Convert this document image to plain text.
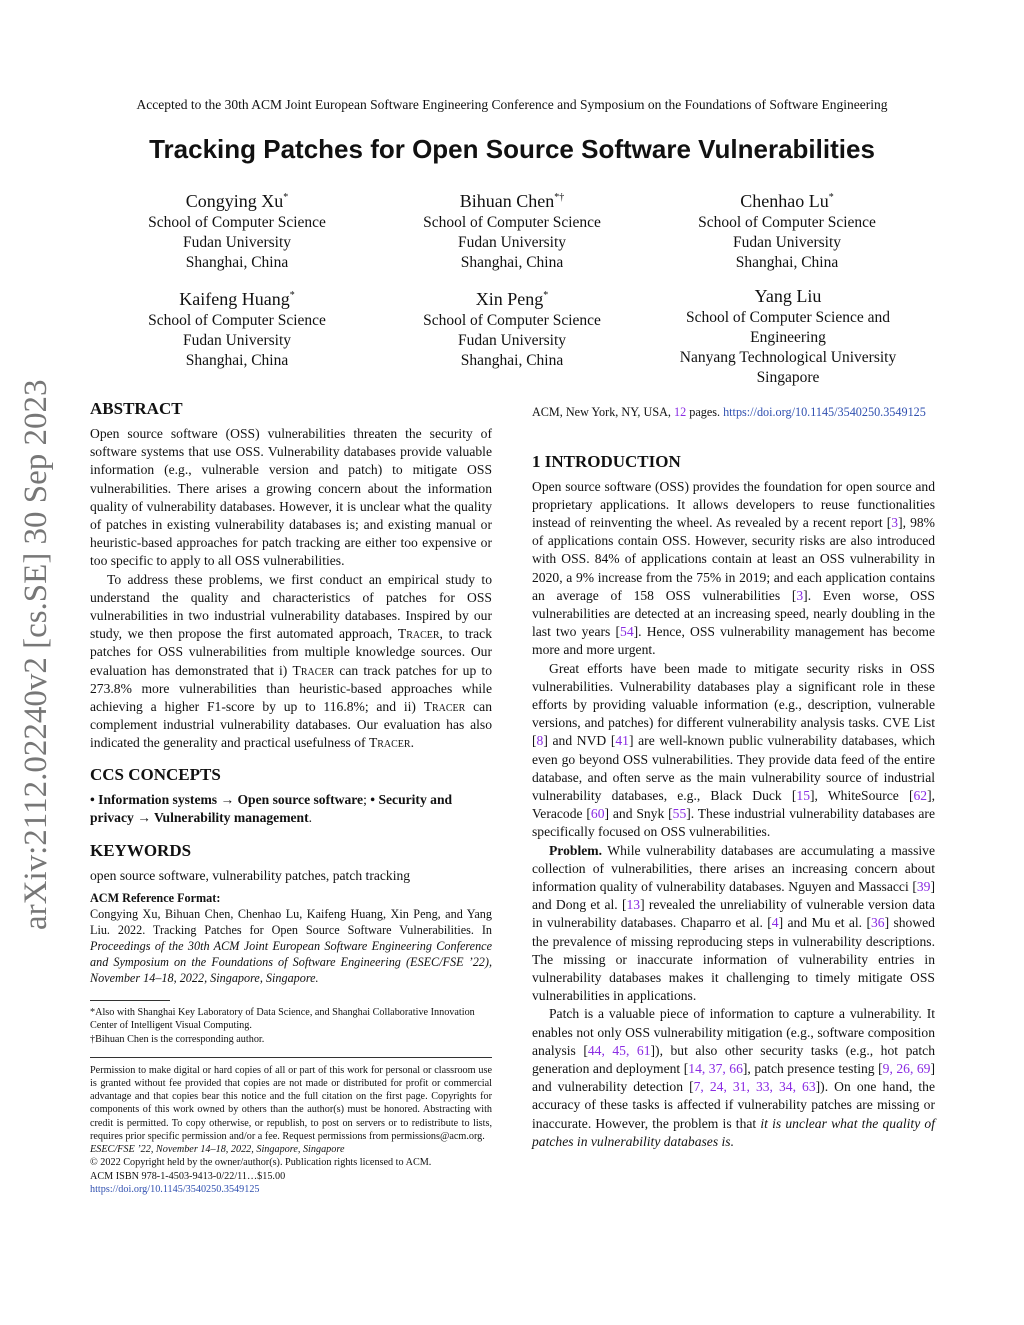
arXiv:2112.02240v2 [cs.SE] 30 Sep 2023
Accepted to the 30th ACM Joint European Software Engineering Conference and Symposium on the Foundations of Software Engineering
Tracking Patches for Open Source Software Vulnerabilities
Congying Xu*
School of Computer Science
Fudan University
Shanghai, China
Bihuan Chen*†
School of Computer Science
Fudan University
Shanghai, China
Chenhao Lu*
School of Computer Science
Fudan University
Shanghai, China
Kaifeng Huang*
School of Computer Science
Fudan University
Shanghai, China
Xin Peng*
School of Computer Science
Fudan University
Shanghai, China
Yang Liu
School of Computer Science and Engineering
Nanyang Technological University
Singapore
ABSTRACT

Open source software (OSS) vulnerabilities threaten the security of software systems that use OSS. Vulnerability databases provide valuable information (e.g., vulnerable version and patch) to mitigate OSS vulnerabilities. There arises a growing concern about the information quality of vulnerability databases. However, it is unclear what the quality of patches in existing vulnerability databases is; and existing manual or heuristic-based approaches for patch tracking are either too expensive or too specific to apply to all OSS vulnerabilities.

To address these problems, we first conduct an empirical study to understand the quality and characteristics of patches for OSS vulnerabilities in two industrial vulnerability databases. Inspired by our study, we then propose the first automated approach, Tracer, to track patches for OSS vulnerabilities from multiple knowledge sources. Our evaluation has demonstrated that i) Tracer can track patches for up to 273.8% more vulnerabilities than heuristic-based approaches while achieving a higher F1-score by up to 116.8%; and ii) Tracer can complement industrial vulnerability databases. Our evaluation has also indicated the generality and practical usefulness of Tracer.

CCS CONCEPTS

• Information systems → Open source software; • Security and privacy → Vulnerability management.

KEYWORDS

open source software, vulnerability patches, patch tracking

ACM Reference Format:
Congying Xu, Bihuan Chen, Chenhao Lu, Kaifeng Huang, Xin Peng, and Yang Liu. 2022. Tracking Patches for Open Source Software Vulnerabilities. In Proceedings of the 30th ACM Joint European Software Engineering Conference and Symposium on the Foundations of Software Engineering (ESEC/FSE ’22), November 14–18, 2022, Singapore, Singapore.
*Also with Shanghai Key Laboratory of Data Science, and Shanghai Collaborative Innovation Center of Intelligent Visual Computing.
†Bihuan Chen is the corresponding author.
Permission to make digital or hard copies of all or part of this work for personal or classroom use is granted without fee provided that copies are not made or distributed for profit or commercial advantage and that copies bear this notice and the full citation on the first page. Copyrights for components of this work owned by others than the author(s) must be honored. Abstracting with credit is permitted. To copy otherwise, or republish, to post on servers or to redistribute to lists, requires prior specific permission and/or a fee. Request permissions from permissions@acm.org.
ESEC/FSE ’22, November 14–18, 2022, Singapore, Singapore
© 2022 Copyright held by the owner/author(s). Publication rights licensed to ACM.
ACM ISBN 978-1-4503-9413-0/22/11…$15.00
https://doi.org/10.1145/3540250.3549125
ACM, New York, NY, USA, 12 pages. https://doi.org/10.1145/3540250.3549125
1 INTRODUCTION

Open source software (OSS) provides the foundation for open source and proprietary applications. It allows developers to reuse functionalities instead of reinventing the wheel. As revealed by a recent report [3], 98% of applications contain OSS. However, security risks are also introduced with OSS. 84% of applications contain at least an OSS vulnerability in 2020, a 9% increase from the 75% in 2019; and each application contains an average of 158 OSS vulnerabilities [3]. Even worse, OSS vulnerabilities are detected at an increasing speed, nearly doubling in the last two years [54]. Hence, OSS vulnerability management has become more and more urgent.

Great efforts have been made to mitigate security risks in OSS vulnerabilities. Vulnerability databases play a significant role in these efforts by providing valuable information (e.g., description, vulnerable versions, and patches) for different vulnerability analysis tasks. CVE List [8] and NVD [41] are well-known public vulnerability databases, which even go beyond OSS vulnerabilities. They provide data feed of the entire database, and often serve as the main vulnerability source of industrial vulnerability databases, e.g., Black Duck [15], WhiteSource [62], Veracode [60] and Snyk [55]. These industrial vulnerability databases are specifically focused on OSS vulnerabilities.

Problem. While vulnerability databases are accumulating a massive collection of vulnerabilities, there arises an increasing concern about information quality of vulnerability databases. Nguyen and Massacci [39] and Dong et al. [13] revealed the unreliability of vulnerable version data in vulnerability databases. Chaparro et al. [4] and Mu et al. [36] showed the prevalence of missing reproducing steps in vulnerability descriptions. The missing or inaccurate information of vulnerability entries in vulnerability databases makes it challenging to timely mitigate OSS vulnerabilities in applications.

Patch is a valuable piece of information to capture a vulnerability. It enables not only OSS vulnerability mitigation (e.g., software composition analysis [44, 45, 61]), but also other security tasks (e.g., hot patch generation and deployment [14, 37, 66], patch presence testing [9, 26, 69] and vulnerability detection [7, 24, 31, 33, 34, 63]). On one hand, the accuracy of these tasks is affected if vulnerability patches are missing or inaccurate. However, the problem is that it is unclear what the quality of patches in vulnerability databases is.
